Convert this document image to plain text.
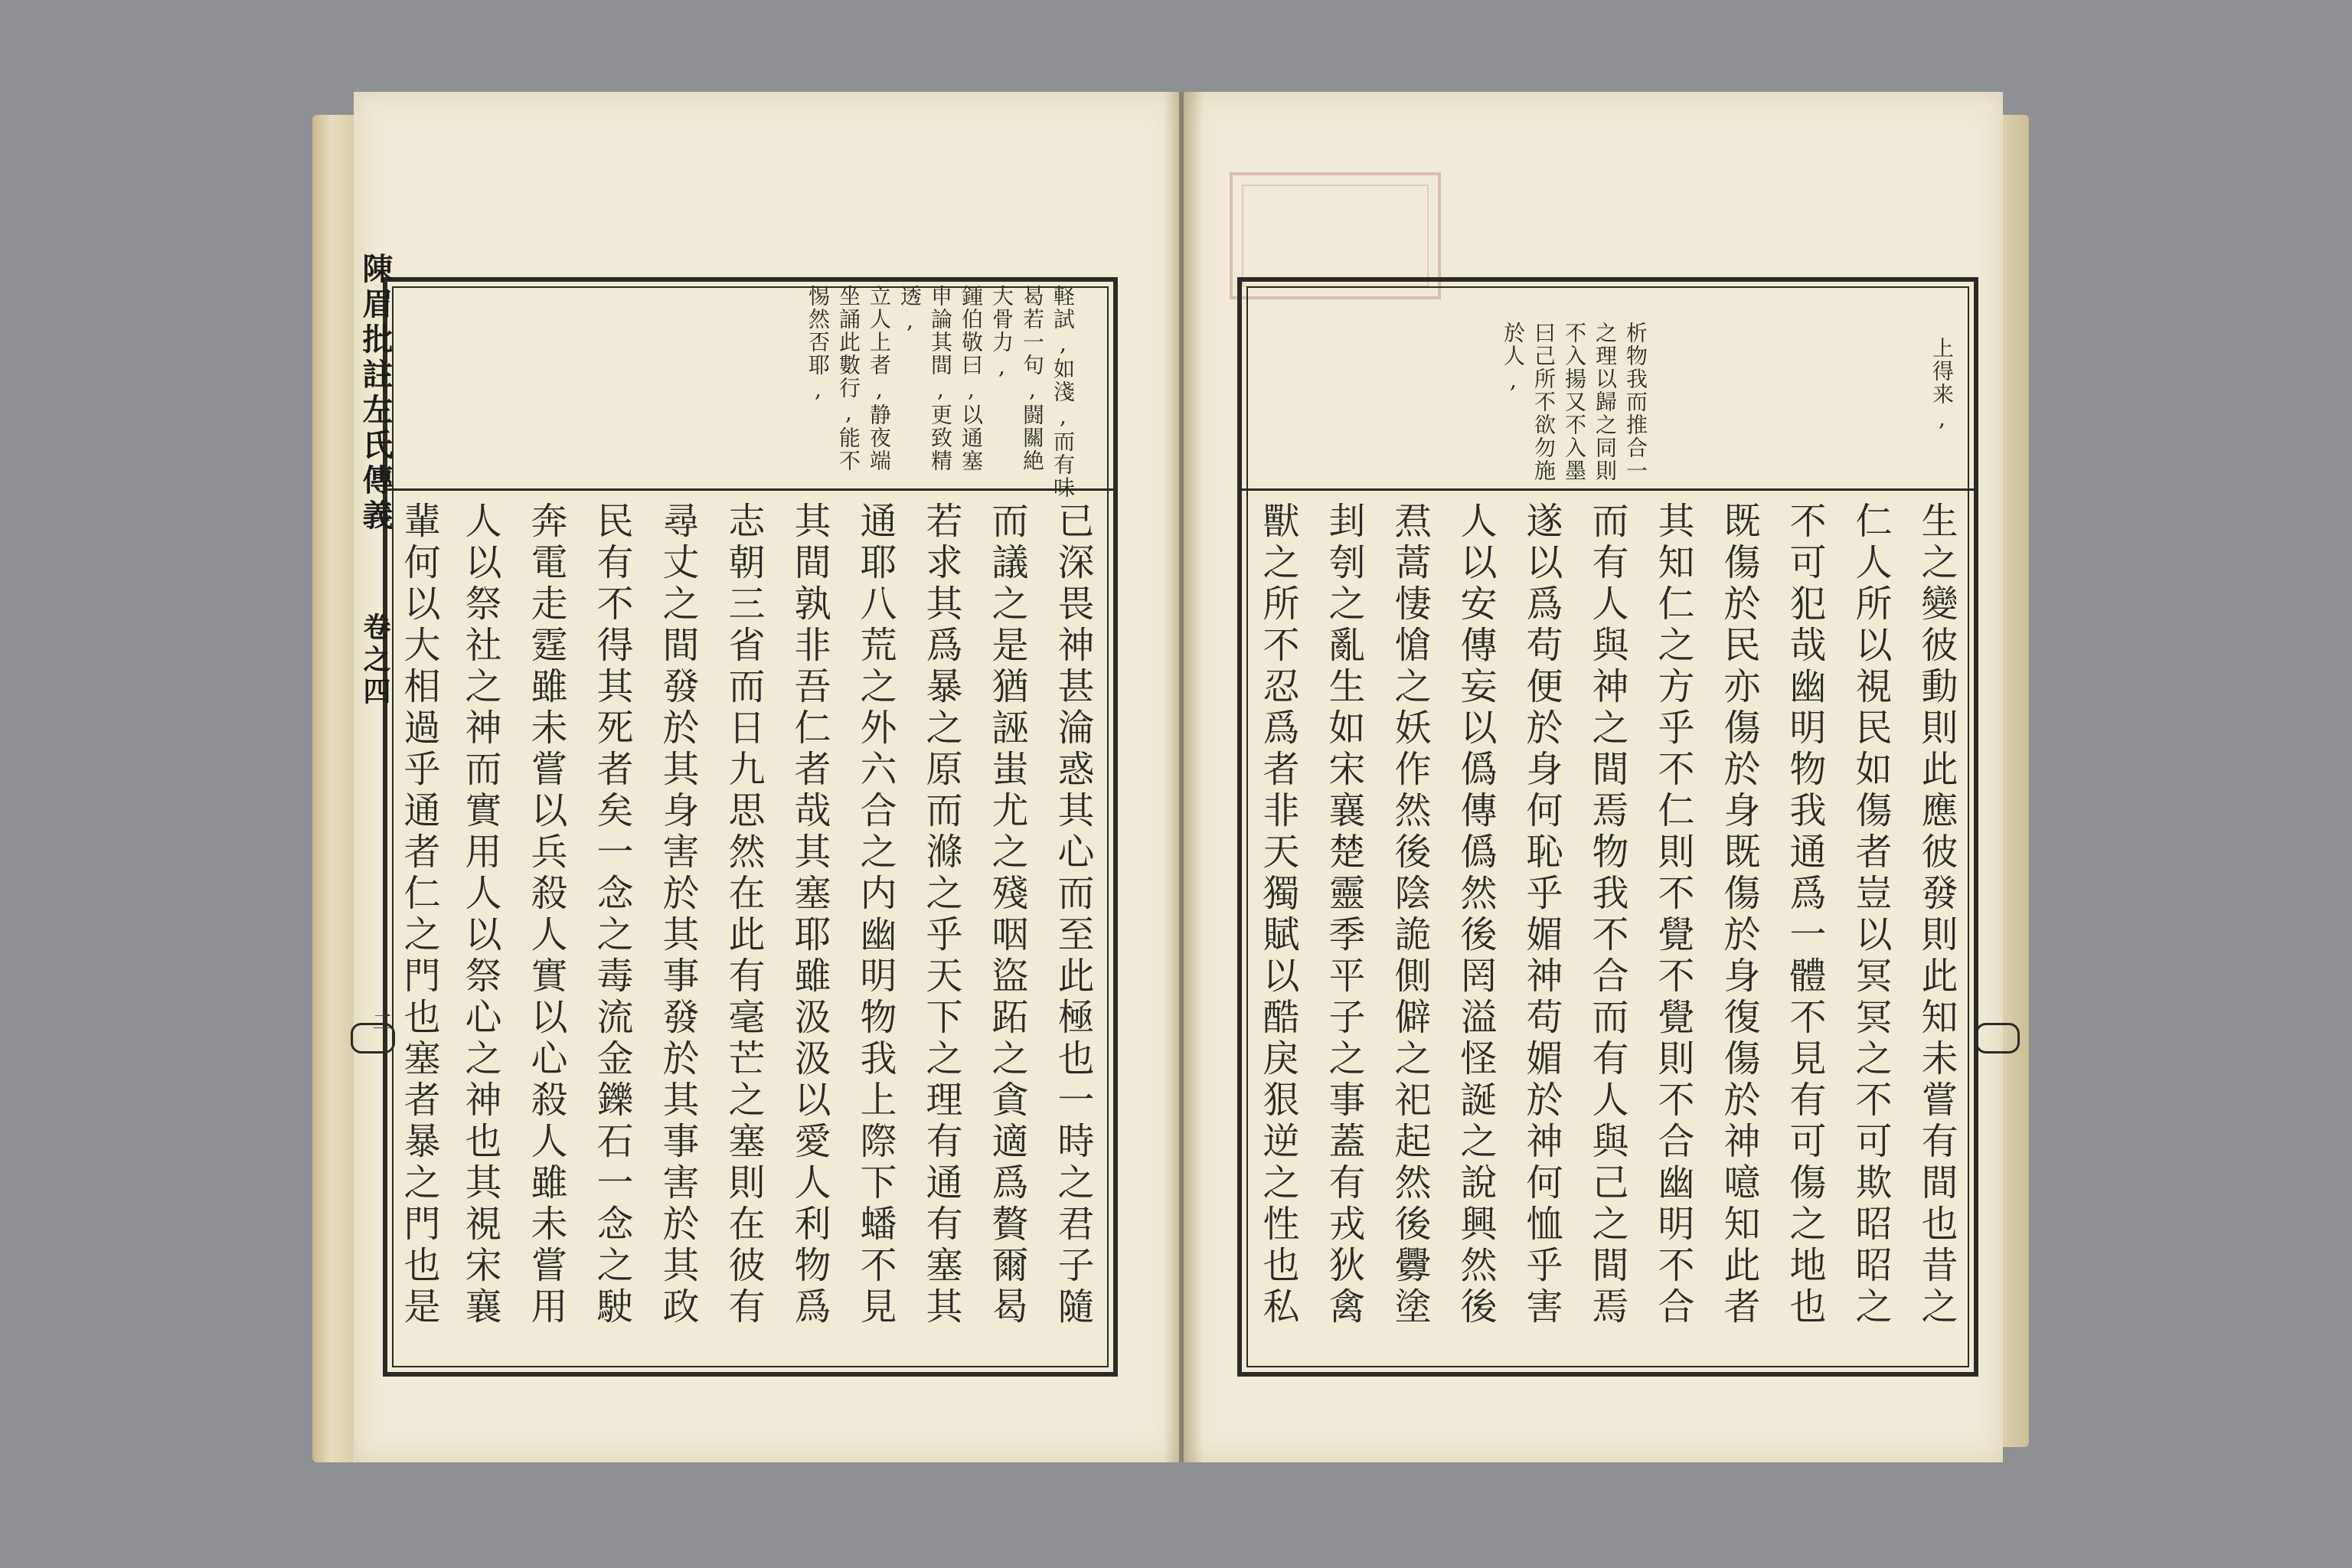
陳眉批註左氏傳義
卷之四
二
軽試,如淺,而有味
曷若一句,闘關絶
大骨力,
鍾伯敬曰,以通塞
申論其間,更致精
透,
立人上者,静夜端
坐誦此數行,能不
惕然否耶,
已深畏神甚淪惑其心而至此極也一時之君子隨
而議之是猶誣蚩尤之殘咽盜跖之貪適爲贅爾曷
若求其爲暴之原而滌之乎天下之理有通有塞其
通耶八荒之外六合之内幽明物我上際下蟠不見
其間孰非吾仁者哉其塞耶雖汲汲以愛人利物爲
志朝三省而日九思然在此有毫芒之塞則在彼有
尋丈之間發於其身害於其事發於其事害於其政
民有不得其死者矣一念之毒流金鑠石一念之駛
奔電走霆雖未嘗以兵殺人實以心殺人雖未嘗用
人以祭社之神而實用人以祭心之神也其視宋襄
輩何以大相過乎通者仁之門也塞者暴之門也是
上得来,
析物我而推合一
之理以歸之同則
不入揚又不入墨
曰己所不欲勿施
於人,
生之變彼動則此應彼發則此知未嘗有間也昔之
仁人所以視民如傷者豈以冥冥之不可欺昭昭之
不可犯哉幽明物我通爲一體不見有可傷之地也
既傷於民亦傷於身既傷於身復傷於神噫知此者
其知仁之方乎不仁則不覺不覺則不合幽明不合
而有人與神之間焉物我不合而有人與己之間焉
遂以爲苟便於身何恥乎媚神苟媚於神何恤乎害
人以安傳妄以僞傳僞然後罔溢怪誕之說興然後
焄蒿悽愴之妖作然後陰詭側僻之祀起然後釁塗
刲刳之亂生如宋襄楚靈季平子之事蓋有戎狄禽
獸之所不忍爲者非天獨賦以酷戾狠逆之性也私
